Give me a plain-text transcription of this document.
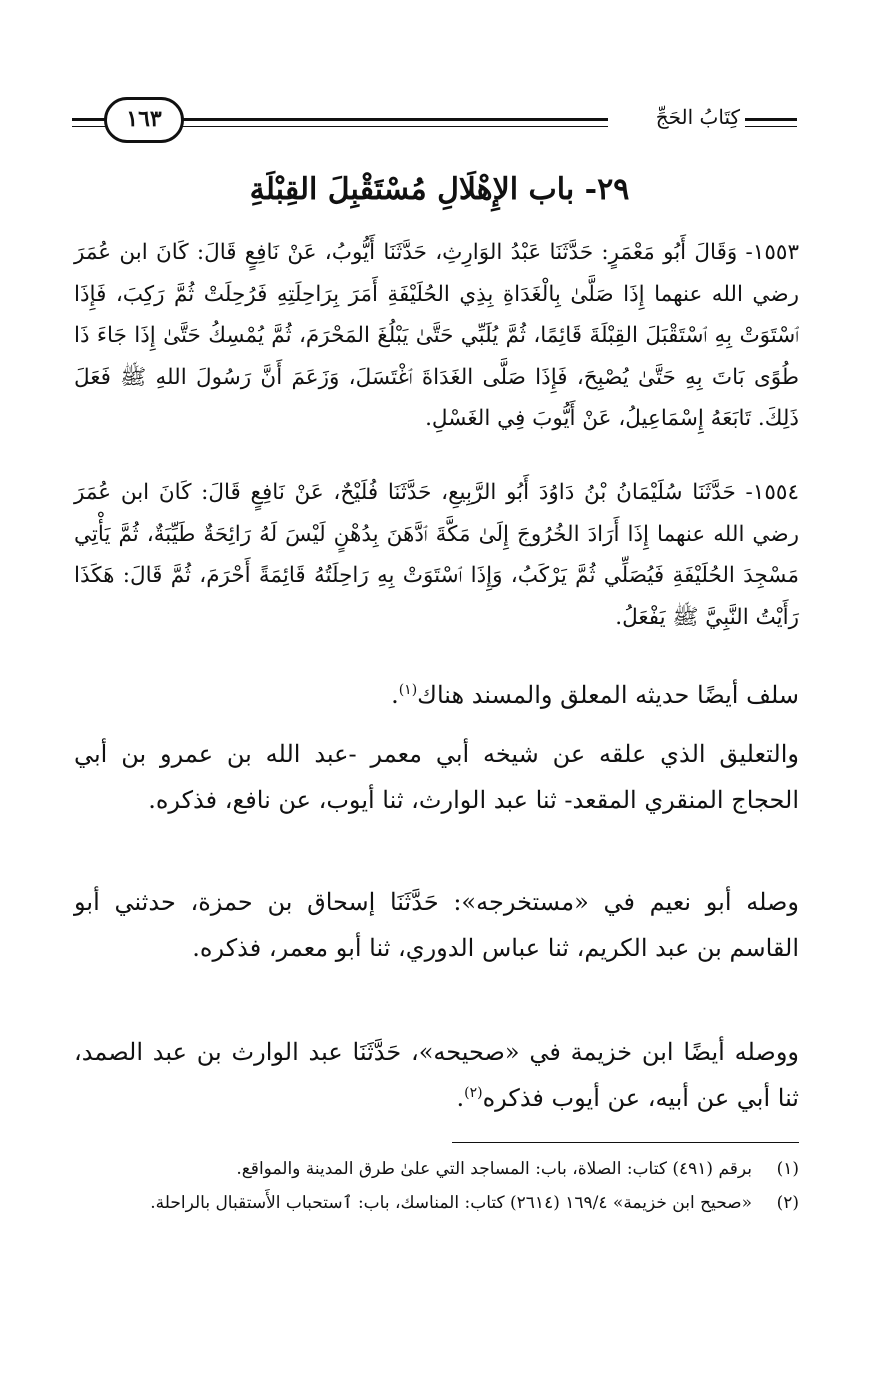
كِتَابُ الحَجِّ
١٦٣
٢٩- باب الإِهْلَالِ مُسْتَقْبِلَ القِبْلَةِ
١٥٥٣- وَقَالَ أَبُو مَعْمَرٍ: حَدَّثَنَا عَبْدُ الوَارِثِ، حَدَّثَنَا أَيُّوبُ، عَنْ نَافِعٍ قَالَ: كَانَ ابن عُمَرَ رضي الله عنهما إِذَا صَلَّىٰ بِالْغَدَاةِ بِذِي الحُلَيْفَةِ أَمَرَ بِرَاحِلَتِهِ فَرُحِلَتْ ثُمَّ رَكِبَ، فَإِذَا ٱسْتَوَتْ بِهِ ٱسْتَقْبَلَ القِبْلَةَ قَائِمًا، ثُمَّ يُلَبِّي حَتَّىٰ يَبْلُغَ المَحْرَمَ، ثُمَّ يُمْسِكُ حَتَّىٰ إِذَا جَاءَ ذَا طُوًى بَاتَ بِهِ حَتَّىٰ يُصْبِحَ، فَإِذَا صَلَّى الغَدَاةَ ٱغْتَسَلَ، وَزَعَمَ أَنَّ رَسُولَ اللهِ ﷺ فَعَلَ ذَلِكَ. تَابَعَهُ إِسْمَاعِيلُ، عَنْ أَيُّوبَ فِي الغَسْلِ.
١٥٥٤- حَدَّثَنَا سُلَيْمَانُ بْنُ دَاوُدَ أَبُو الرَّبِيعِ، حَدَّثَنَا فُلَيْحٌ، عَنْ نَافِعٍ قَالَ: كَانَ ابن عُمَرَ رضي الله عنهما إِذَا أَرَادَ الخُرُوجَ إِلَىٰ مَكَّةَ ٱدَّهَنَ بِدُهْنٍ لَيْسَ لَهُ رَائِحَةٌ طَيِّبَةٌ، ثُمَّ يَأْتِي مَسْجِدَ الحُلَيْفَةِ فَيُصَلِّي ثُمَّ يَرْكَبُ، وَإِذَا ٱسْتَوَتْ بِهِ رَاحِلَتُهُ قَائِمَةً أَحْرَمَ، ثُمَّ قَالَ: هَكَذَا رَأَيْتُ النَّبِيَّ ﷺ يَفْعَلُ.
سلف أيضًا حديثه المعلق والمسند هناك$^{(١)}$.
والتعليق الذي علقه عن شيخه أبي معمر -عبد الله بن عمرو بن أبي الحجاج المنقري المقعد- ثنا عبد الوارث، ثنا أيوب، عن نافع، فذكره.
وصله أبو نعيم في «مستخرجه»: حَدَّثَنَا إسحاق بن حمزة، حدثني أبو القاسم بن عبد الكريم، ثنا عباس الدوري، ثنا أبو معمر، فذكره.
ووصله أيضًا ابن خزيمة في «صحيحه»، حَدَّثَنَا عبد الوارث بن عبد الصمد، ثنا أبي عن أبيه، عن أيوب فذكره$^{(٢)}$.
(١)
برقم (٤٩١) كتاب: الصلاة، باب: المساجد التي علىٰ طرق المدينة والمواقع.
(٢)
«صحيح ابن خزيمة» ١٦٩/٤ (٢٦١٤) كتاب: المناسك، باب: ٱستحباب الأَستقبال بالراحلة.
